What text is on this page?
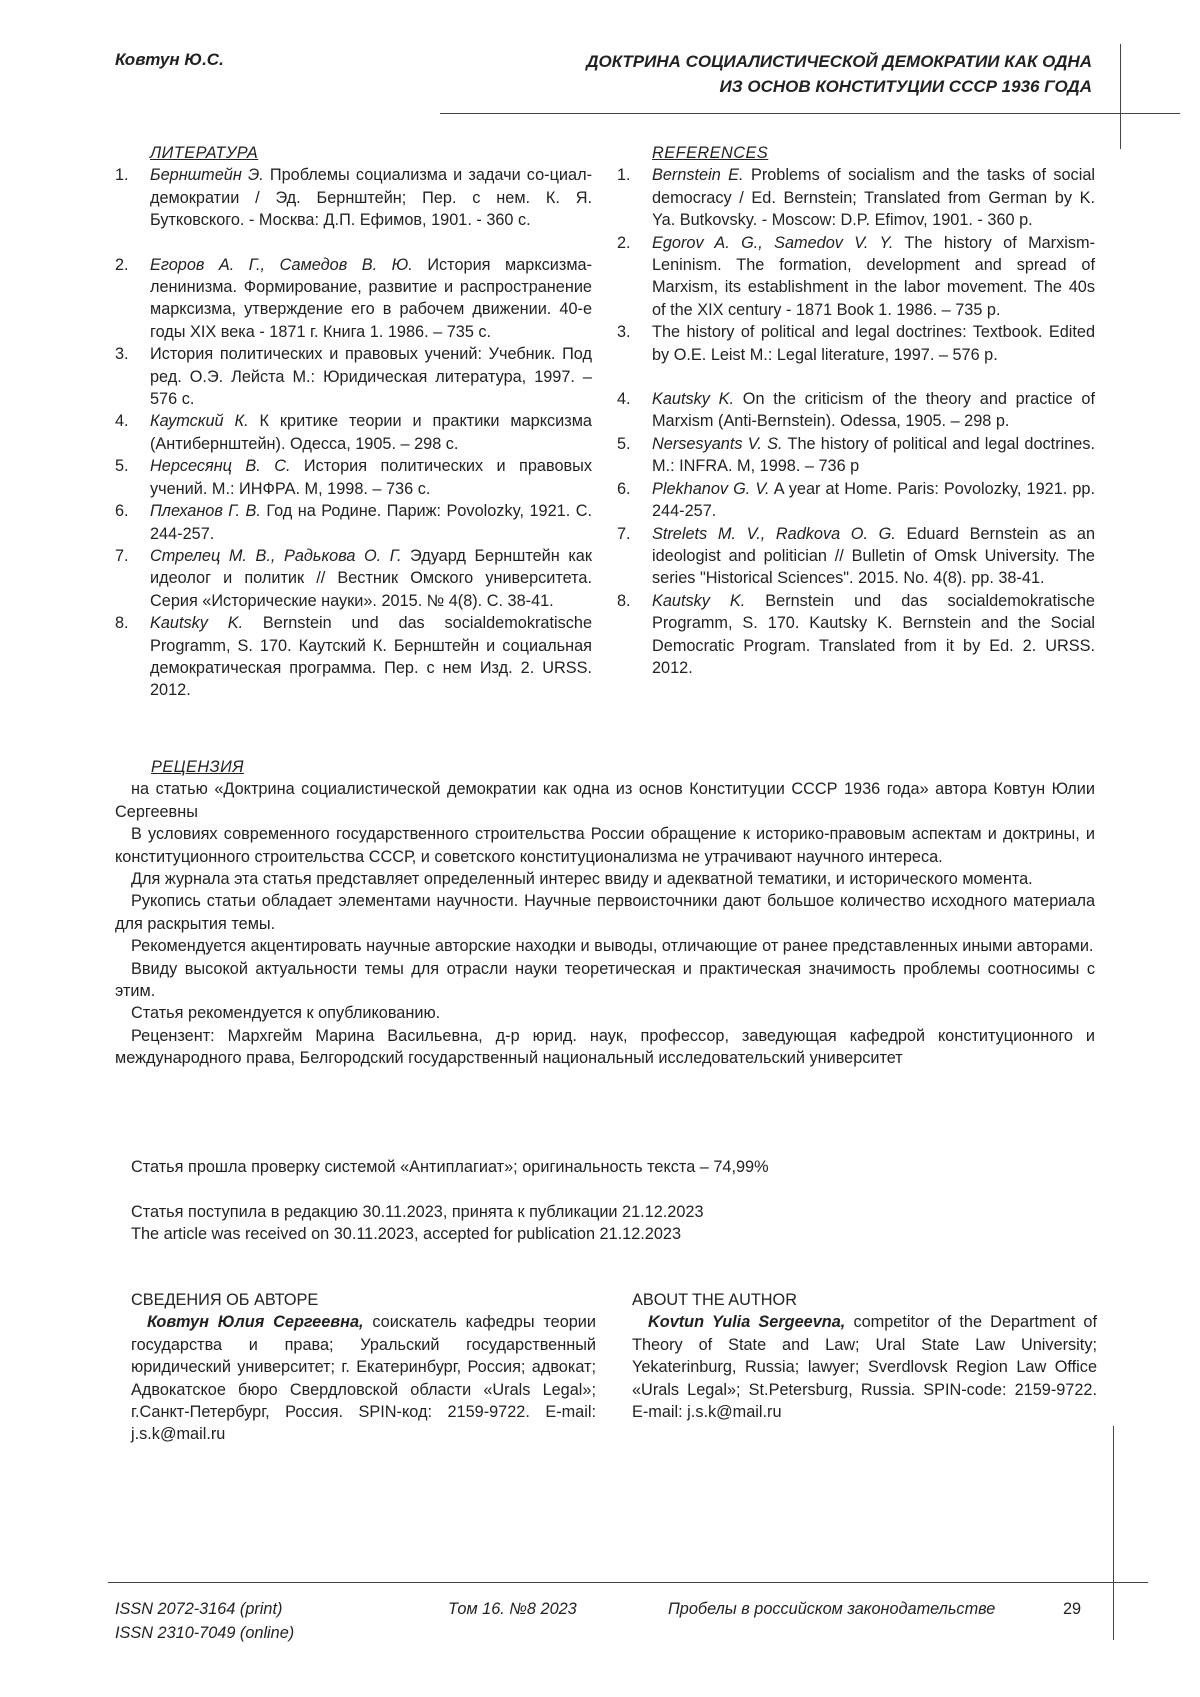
Ковтун Ю.С.	ДОКТРИНА СОЦИАЛИСТИЧЕСКОЙ ДЕМОКРАТИИ КАК ОДНА
ИЗ ОСНОВ КОНСТИТУЦИИ СССР 1936 ГОДА
ЛИТЕРАТУРА
1. Бернштейн Э. Проблемы социализма и задачи со-циал-демократии / Эд. Бернштейн; Пер. с нем. К. Я. Бутковского. - Москва: Д.П. Ефимов, 1901. - 360 с.
2. Егоров А. Г., Самедов В. Ю. История марксизма-ленинизма. Формирование, развитие и распространение марксизма, утверждение его в рабочем движении. 40-е годы XIX века - 1871 г. Книга 1. 1986. – 735 с.
3. История политических и правовых учений: Учебник. Под ред. О.Э. Лейста М.: Юридическая литература, 1997. – 576 с.
4. Каутский К. К критике теории и практики марксизма (Антибернштейн). Одесса, 1905. – 298 с.
5. Нерсесянц В. С. История политических и правовых учений. М.: ИНФРА. М, 1998. – 736 с.
6. Плеханов Г. В. Год на Родине. Париж: Povolozky, 1921. С. 244-257.
7. Стрелец М. В., Радькова О. Г. Эдуард Бернштейн как идеолог и политик // Вестник Омского университета. Серия «Исторические науки». 2015. № 4(8). С. 38-41.
8. Kautsky K. Bernstein und das socialdemokratische Programm, S. 170. Каутский К. Бернштейн и социальная демократическая программа. Пер. с нем Изд. 2. URSS. 2012.
REFERENCES
1. Bernstein E. Problems of socialism and the tasks of social democracy / Ed. Bernstein; Translated from German by K. Ya. Butkovsky. - Moscow: D.P. Efimov, 1901. - 360 p.
2. Egorov A. G., Samedov V. Y. The history of Marxism-Leninism. The formation, development and spread of Marxism, its establishment in the labor movement. The 40s of the XIX century - 1871 Book 1. 1986. – 735 p.
3. The history of political and legal doctrines: Textbook. Edited by O.E. Leist M.: Legal literature, 1997. – 576 p.
4. Kautsky K. On the criticism of the theory and practice of Marxism (Anti-Bernstein). Odessa, 1905. – 298 p.
5. Nersesyants V. S. The history of political and legal doctrines. M.: INFRA. M, 1998. – 736 p
6. Plekhanov G. V. A year at Home. Paris: Povolozky, 1921. pp. 244-257.
7. Strelets M. V., Radkova O. G. Eduard Bernstein as an ideologist and politician // Bulletin of Omsk University. The series "Historical Sciences". 2015. No. 4(8). pp. 38-41.
8. Kautsky K. Bernstein und das socialdemokratische Programm, S. 170. Kautsky K. Bernstein and the Social Democratic Program. Translated from it by Ed. 2. URSS. 2012.
РЕЦЕНЗИЯ

на статью «Доктрина социалистической демократии как одна из основ Конституции СССР 1936 года» автора Ковтун Юлии Сергеевны

В условиях современного государственного строительства России обращение к историко-правовым аспектам и доктрины, и конституционного строительства СССР, и советского конституционализма не утрачивают научного интереса.

Для журнала эта статья представляет определенный интерес ввиду и адекватной тематики, и исторического момента.

Рукопись статьи обладает элементами научности. Научные первоисточники дают большое количество исходного материала для раскрытия темы.

Рекомендуется акцентировать научные авторские находки и выводы, отличающие от ранее представленных иными авторами.

Ввиду высокой актуальности темы для отрасли науки теоретическая и практическая значимость проблемы соотносимы с этим.

Статья рекомендуется к опубликованию.

Рецензент: Мархгейм Марина Васильевна, д-р юрид. наук, профессор, заведующая кафедрой конституционного и международного права, Белгородский государственный национальный исследовательский университет

Статья прошла проверку системой «Антиплагиат»; оригинальность текста – 74,99%
Статья поступила в редакцию 30.11.2023, принята к публикации 21.12.2023
The article was received on 30.11.2023, accepted for publication 21.12.2023
СВЕДЕНИЯ ОБ АВТОРЕ

Ковтун Юлия Сергеевна, соискатель кафедры теории государства и права; Уральский государственный юридический университет; г. Екатеринбург, Россия; адвокат; Адвокатское бюро Свердловской области «Urals Legal»; г.Санкт-Петербург, Россия. SPIN-код: 2159-9722. E-mail: j.s.k@mail.ru

ABOUT THE AUTHOR

Kovtun Yulia Sergeevna, competitor of the Department of Theory of State and Law; Ural State Law University; Yekaterinburg, Russia; lawyer; Sverdlovsk Region Law Office «Urals Legal»; St.Petersburg, Russia. SPIN-code: 2159-9722. E-mail: j.s.k@mail.ru

ISSN 2072-3164 (print)
ISSN 2310-7049 (online)
Том 16. №8 2023	Пробелы в российском законодательстве	29
